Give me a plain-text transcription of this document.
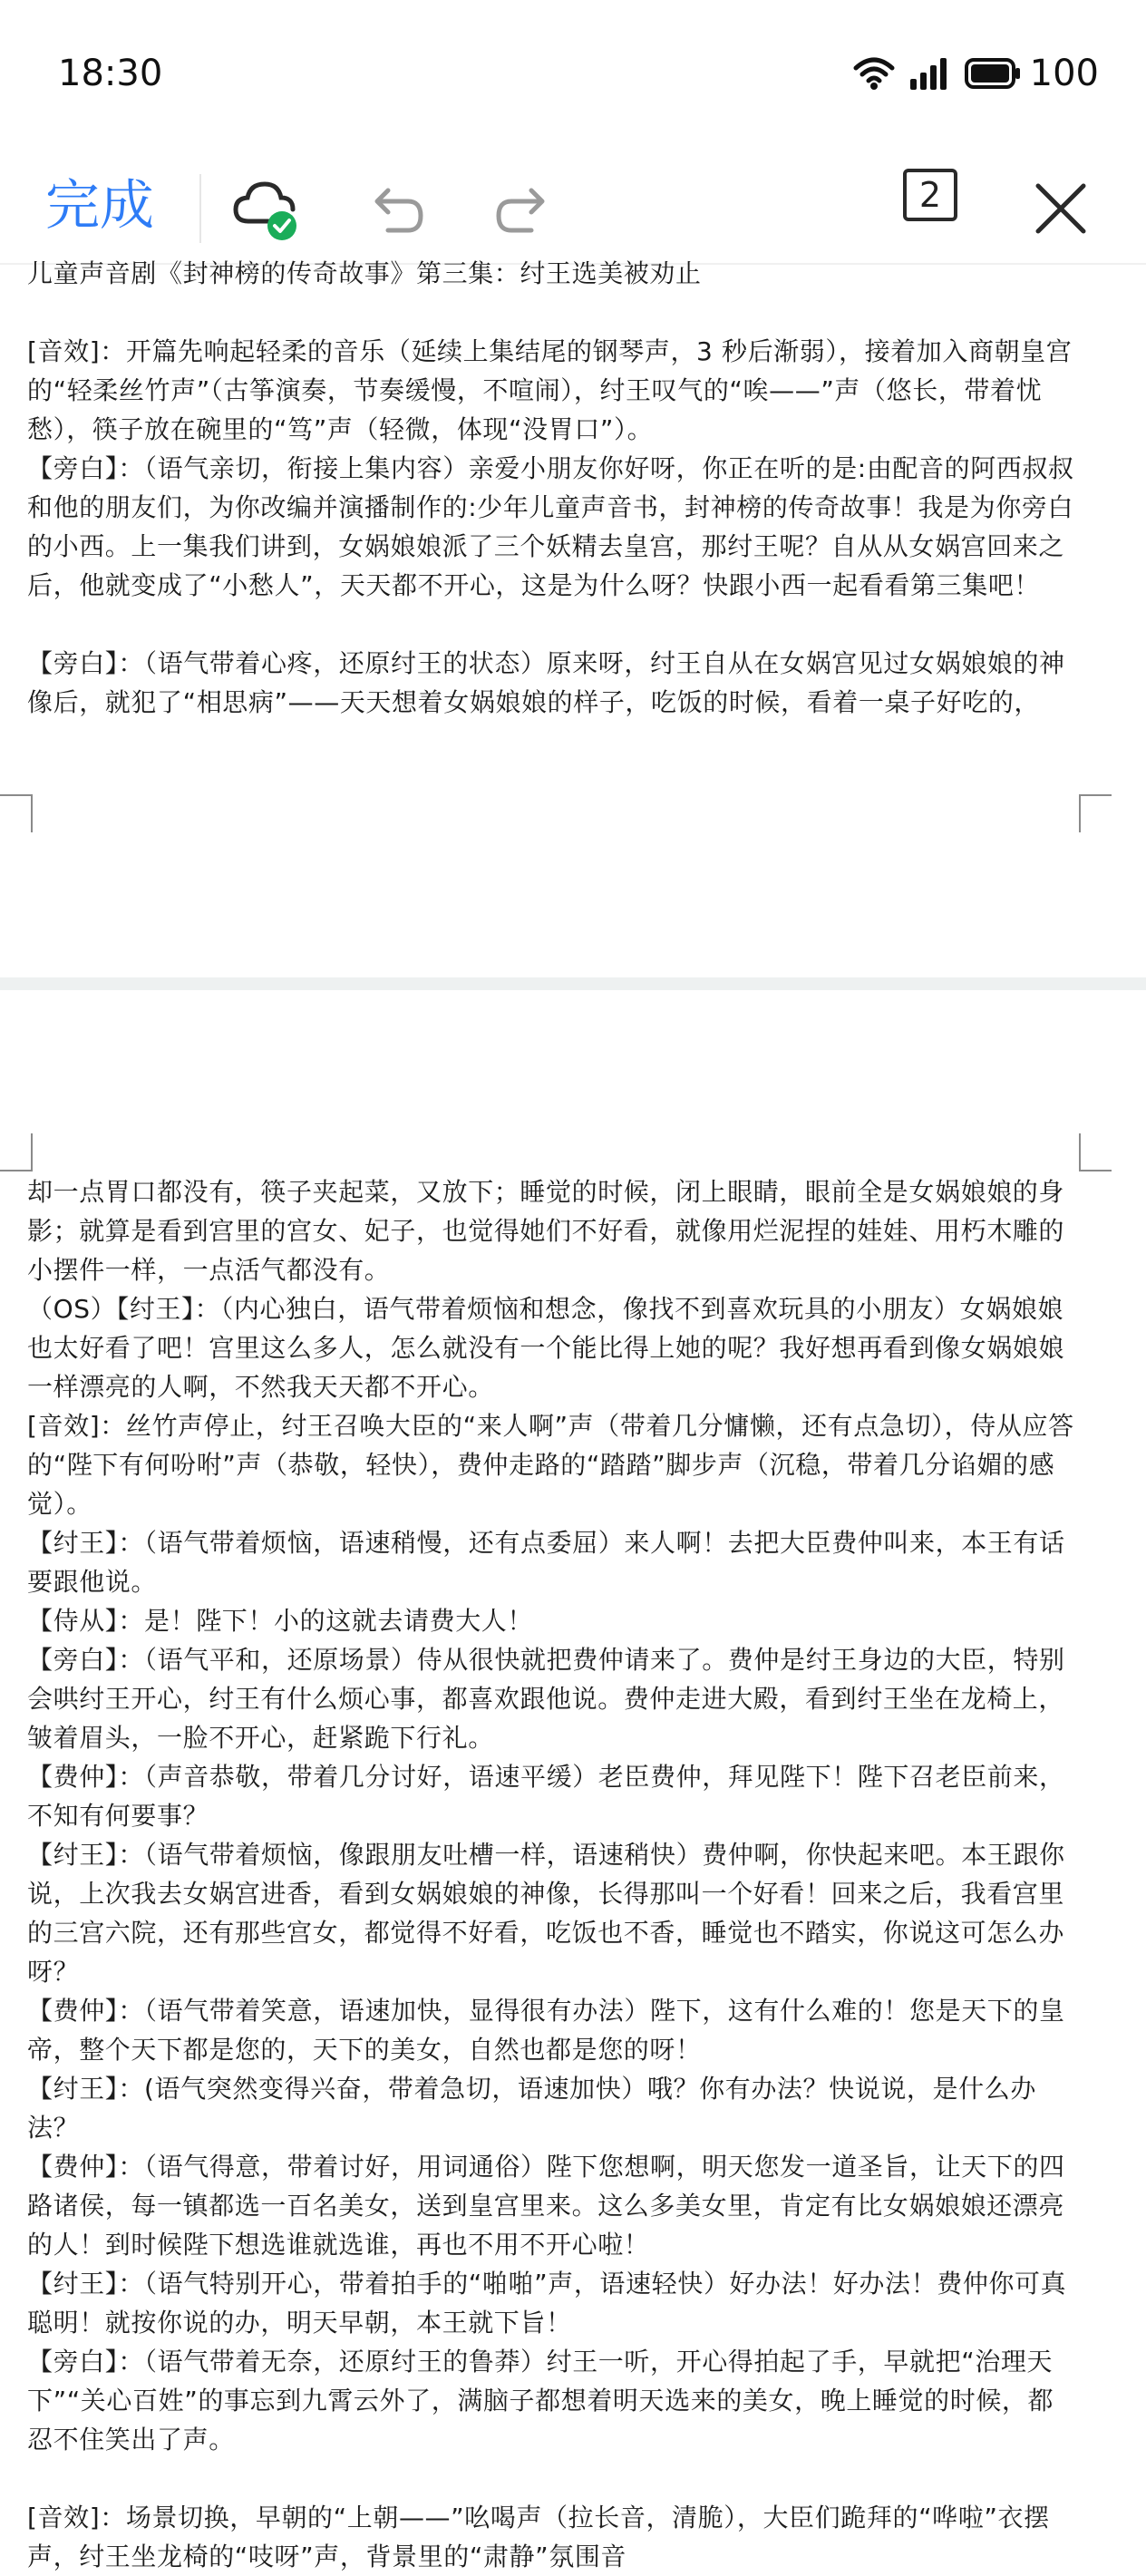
18:30	100
完成	2

儿童声音剧《封神榜的传奇故事》第三集：纣王选美被劝止

[音效]：开篇先响起轻柔的音乐（延续上集结尾的钢琴声，3 秒后渐弱），接着加入商朝皇宫的“轻柔丝竹声”（古筝演奏，节奏缓慢，不喧闹），纣王叹气的“唉——”声（悠长，带着忧愁），筷子放在碗里的“笃”声（轻微，体现“没胃口”）。

【旁白】：（语气亲切，衔接上集内容）亲爱小朋友你好呀，你正在听的是:由配音的阿西叔叔和他的朋友们，为你改编并演播制作的:少年儿童声音书，封神榜的传奇故事！我是为你旁白的小西。上一集我们讲到，女娲娘娘派了三个妖精去皇宫，那纣王呢？自从从女娲宫回来之后，他就变成了“小愁人”，天天都不开心，这是为什么呀？快跟小西一起看看第三集吧！

【旁白】：（语气带着心疼，还原纣王的状态）原来呀，纣王自从在女娲宫见过女娲娘娘的神像后，就犯了“相思病”——天天想着女娲娘娘的样子，吃饭的时候，看着一桌子好吃的，

却一点胃口都没有，筷子夹起菜，又放下；睡觉的时候，闭上眼睛，眼前全是女娲娘娘的身影；就算是看到宫里的宫女、妃子，也觉得她们不好看，就像用烂泥捏的娃娃、用朽木雕的小摆件一样，一点活气都没有。

（OS）【纣王】：（内心独白，语气带着烦恼和想念，像找不到喜欢玩具的小朋友）女娲娘娘也太好看了吧！宫里这么多人，怎么就没有一个能比得上她的呢？我好想再看到像女娲娘娘一样漂亮的人啊，不然我天天都不开心。

[音效]：丝竹声停止，纣王召唤大臣的“来人啊”声（带着几分慵懒，还有点急切），侍从应答的“陛下有何吩咐”声（恭敬，轻快），费仲走路的“踏踏”脚步声（沉稳，带着几分谄媚的感觉）。

【纣王】：（语气带着烦恼，语速稍慢，还有点委屈）来人啊！去把大臣费仲叫来，本王有话要跟他说。

【侍从】：是！陛下！小的这就去请费大人！

【旁白】：（语气平和，还原场景）侍从很快就把费仲请来了。费仲是纣王身边的大臣，特别会哄纣王开心，纣王有什么烦心事，都喜欢跟他说。费仲走进大殿，看到纣王坐在龙椅上，皱着眉头，一脸不开心，赶紧跪下行礼。

【费仲】：（声音恭敬，带着几分讨好，语速平缓）老臣费仲，拜见陛下！陛下召老臣前来，不知有何要事？

【纣王】：（语气带着烦恼，像跟朋友吐槽一样，语速稍快）费仲啊，你快起来吧。本王跟你说，上次我去女娲宫进香，看到女娲娘娘的神像，长得那叫一个好看！回来之后，我看宫里的三宫六院，还有那些宫女，都觉得不好看，吃饭也不香，睡觉也不踏实，你说这可怎么办呀？

【费仲】：（语气带着笑意，语速加快，显得很有办法）陛下，这有什么难的！您是天下的皇帝，整个天下都是您的，天下的美女，自然也都是您的呀！

【纣王】：(语气突然变得兴奋，带着急切，语速加快）哦？你有办法？快说说，是什么办法？

【费仲】：（语气得意，带着讨好，用词通俗）陛下您想啊，明天您发一道圣旨，让天下的四路诸侯，每一镇都选一百名美女，送到皇宫里来。这么多美女里，肯定有比女娲娘娘还漂亮的人！到时候陛下想选谁就选谁，再也不用不开心啦！

【纣王】：（语气特别开心，带着拍手的“啪啪”声，语速轻快）好办法！好办法！费仲你可真聪明！就按你说的办，明天早朝，本王就下旨！

【旁白】：（语气带着无奈，还原纣王的鲁莽）纣王一听，开心得拍起了手，早就把“治理天下”“关心百姓”的事忘到九霄云外了，满脑子都想着明天选来的美女，晚上睡觉的时候，都忍不住笑出了声。

[音效]：场景切换，早朝的“上朝——”吆喝声（拉长音，清脆），大臣们跪拜的“哗啦”衣摆声，纣王坐龙椅的“吱呀”声，背景里的“肃静”氛围音
